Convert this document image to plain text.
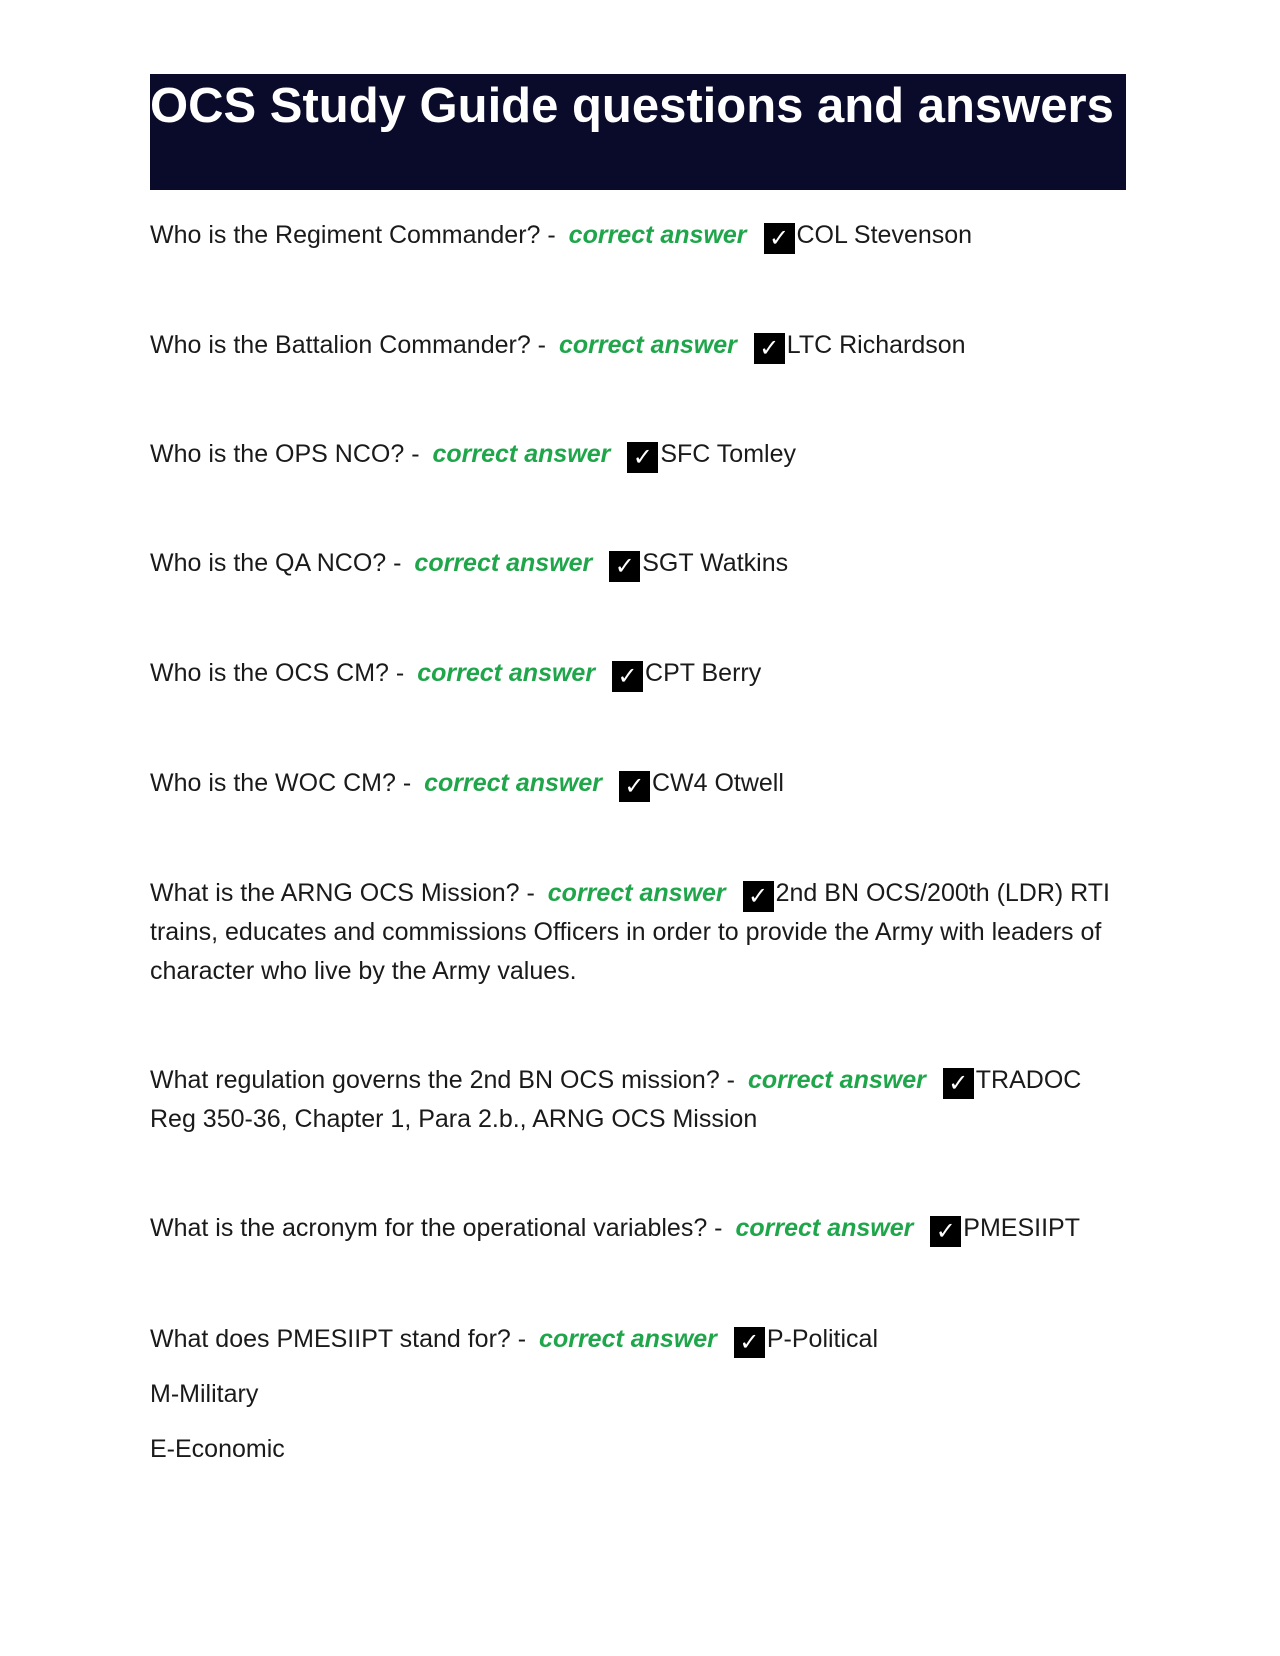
OCS Study Guide questions and answers

Who is the Regiment Commander? - correct answer ✓ COL Stevenson

Who is the Battalion Commander? - correct answer ✓ LTC Richardson

Who is the OPS NCO? - correct answer ✓ SFC Tomley

Who is the QA NCO? - correct answer ✓ SGT Watkins

Who is the OCS CM? - correct answer ✓ CPT Berry

Who is the WOC CM? - correct answer ✓ CW4 Otwell

What is the ARNG OCS Mission? - correct answer ✓ 2nd BN OCS/200th (LDR) RTI trains, educates and commissions Officers in order to provide the Army with leaders of character who live by the Army values.

What regulation governs the 2nd BN OCS mission? - correct answer ✓ TRADOC Reg 350-36, Chapter 1, Para 2.b., ARNG OCS Mission

What is the acronym for the operational variables? - correct answer ✓ PMESIIPT

What does PMESIIPT stand for? - correct answer ✓ P-Political

M-Military
E-Economic
